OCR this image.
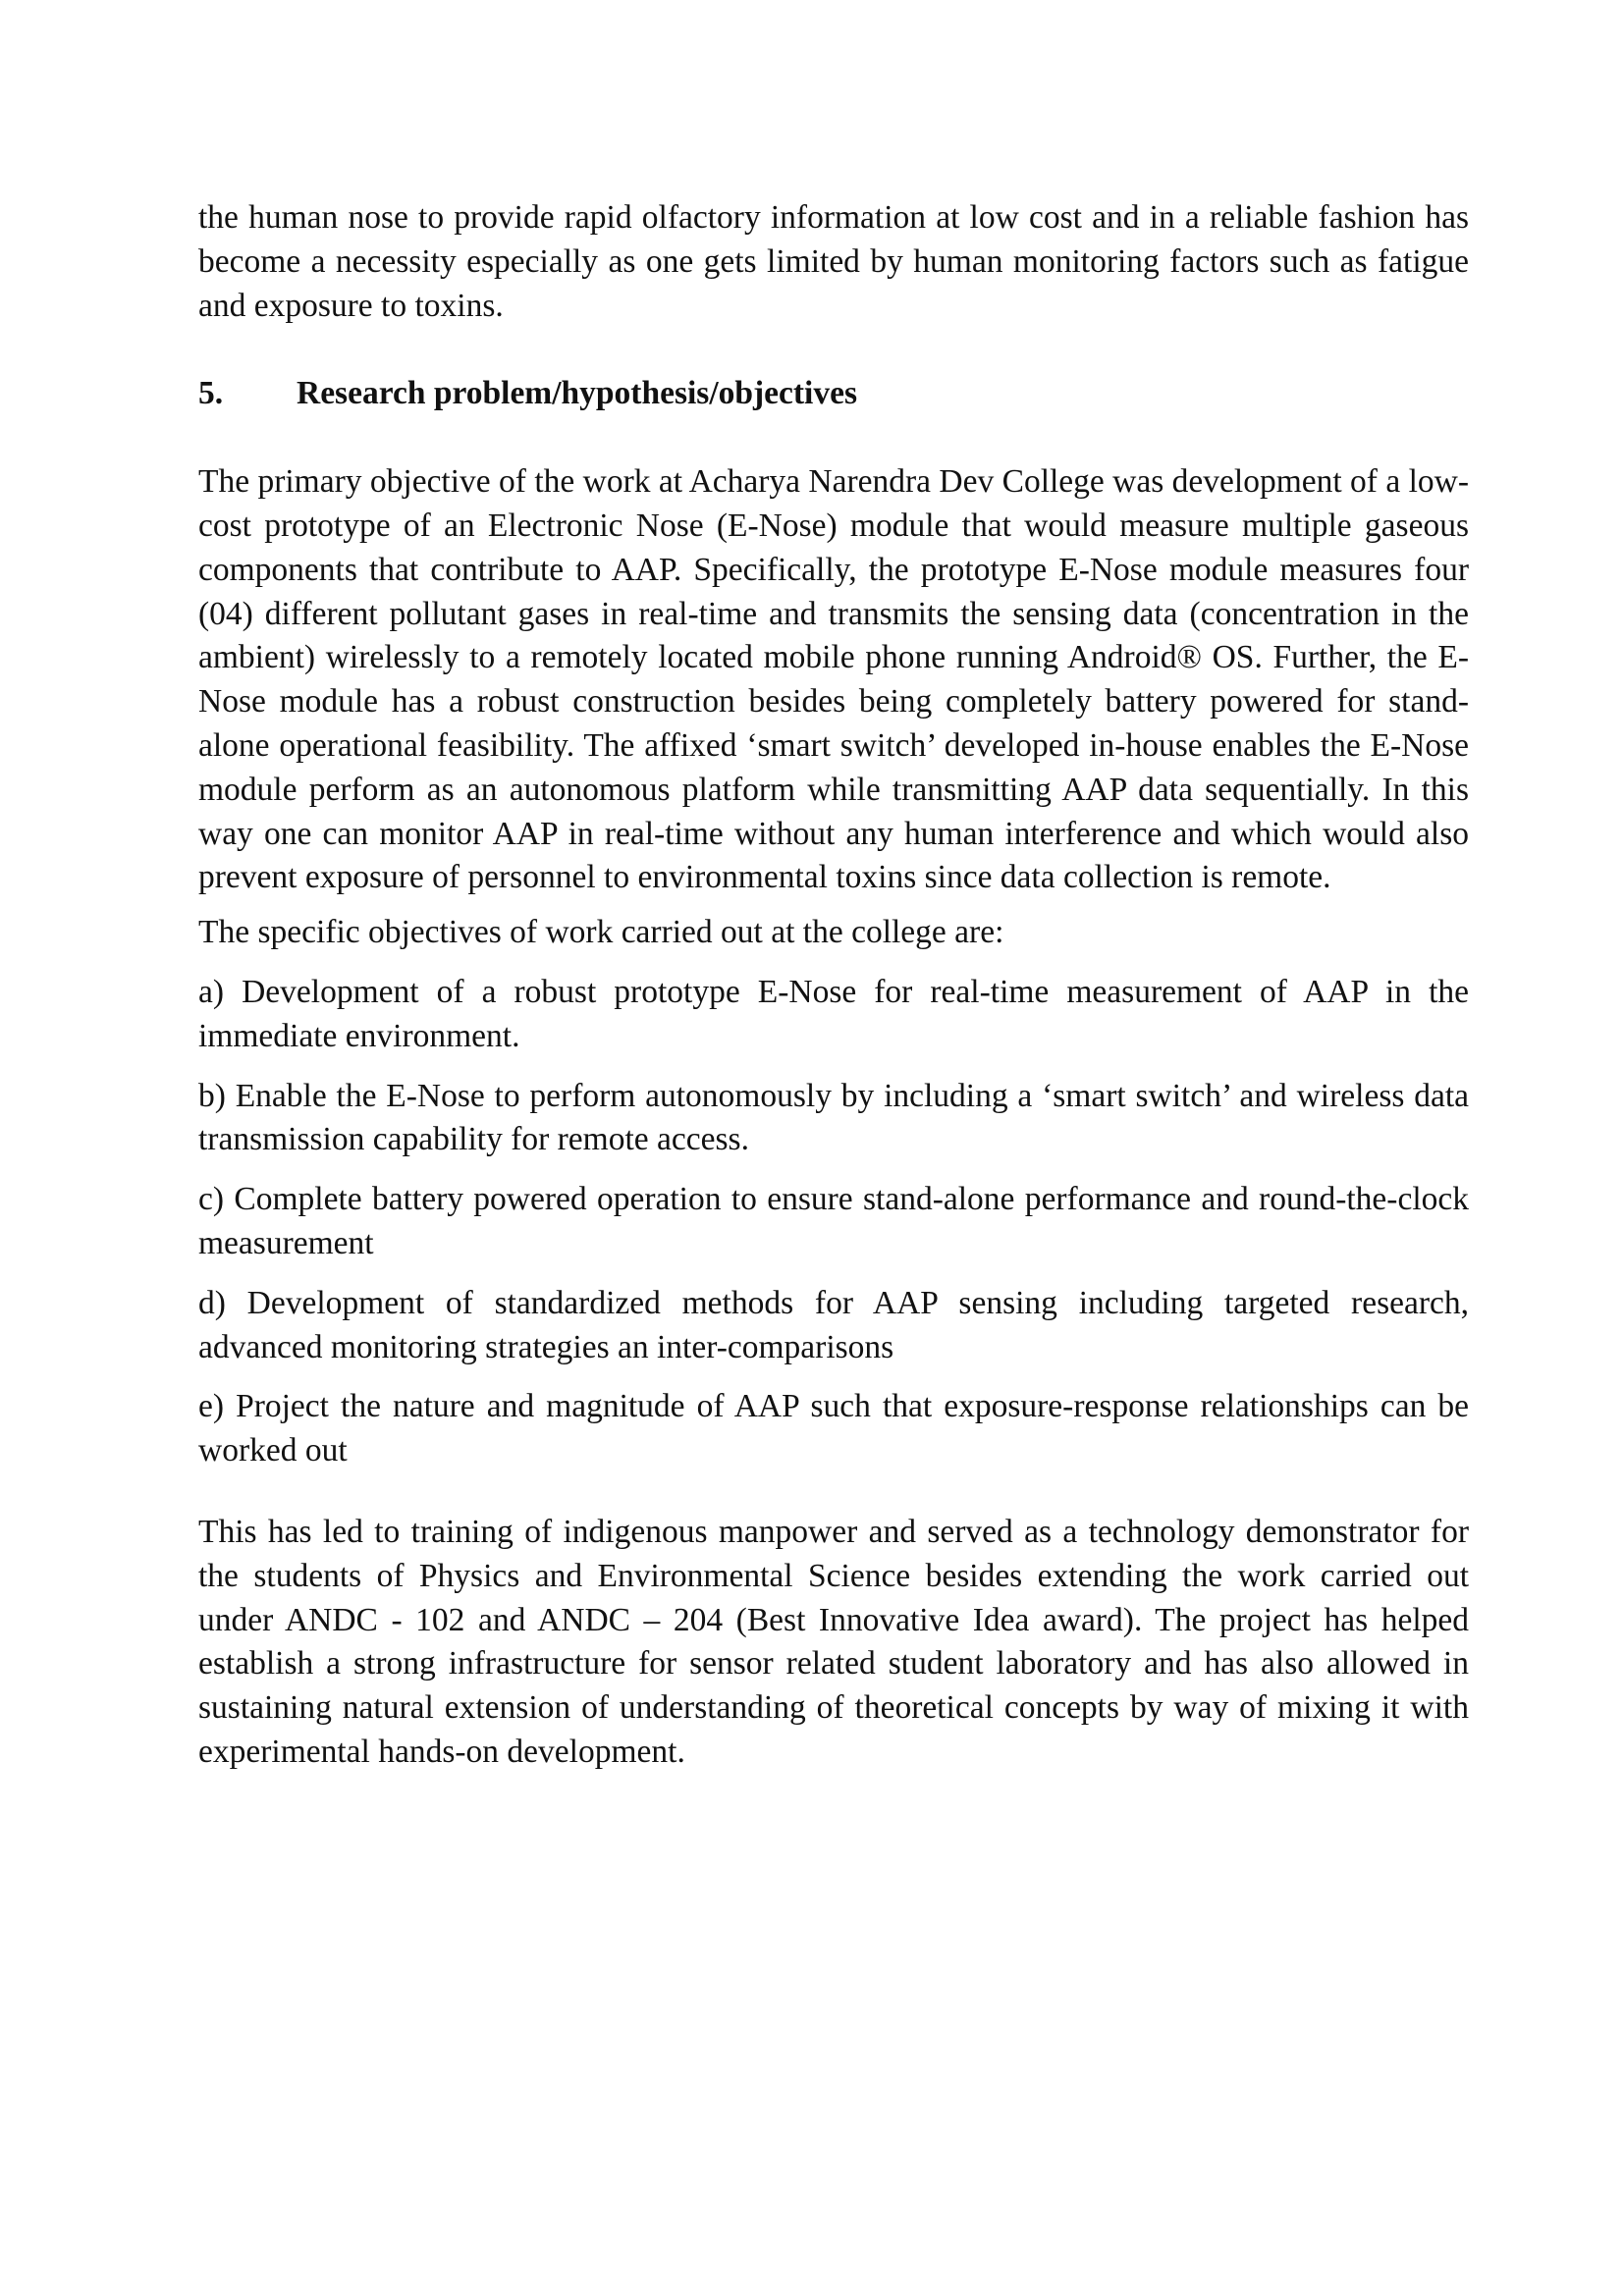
the human nose to provide rapid olfactory information at low cost and in a reliable fashion has become a necessity especially as one gets limited by human monitoring factors such as fatigue and exposure to toxins.

5.	Research problem/hypothesis/objectives

The primary objective of the work at Acharya Narendra Dev College was development of a low-cost prototype of an Electronic Nose (E-Nose) module that would measure multiple gaseous components that contribute to AAP. Specifically, the prototype E-Nose module measures four (04) different pollutant gases in real-time and transmits the sensing data (concentration in the ambient) wirelessly to a remotely located mobile phone running Android® OS. Further, the E-Nose module has a robust construction besides being completely battery powered for stand-alone operational feasibility. The affixed ‘smart switch’ developed in-house enables the E-Nose module perform as an autonomous platform while transmitting AAP data sequentially. In this way one can monitor AAP in real-time without any human interference and which would also prevent exposure of personnel to environmental toxins since data collection is remote.

The specific objectives of work carried out at the college are:

a) Development of a robust prototype E-Nose for real-time measurement of AAP in the immediate environment.

b) Enable the E-Nose to perform autonomously by including a ‘smart switch’ and wireless data transmission capability for remote access.

c) Complete battery powered operation to ensure stand-alone performance and round-the-clock measurement

d) Development of standardized methods for AAP sensing including targeted research, advanced monitoring strategies an inter-comparisons

e) Project the nature and magnitude of AAP such that exposure-response relationships can be worked out

This has led to training of indigenous manpower and served as a technology demonstrator for the students of Physics and Environmental Science besides extending the work carried out under ANDC - 102 and ANDC – 204 (Best Innovative Idea award). The project has helped establish a strong infrastructure for sensor related student laboratory and has also allowed in sustaining natural extension of understanding of theoretical concepts by way of mixing it with experimental hands-on development.
